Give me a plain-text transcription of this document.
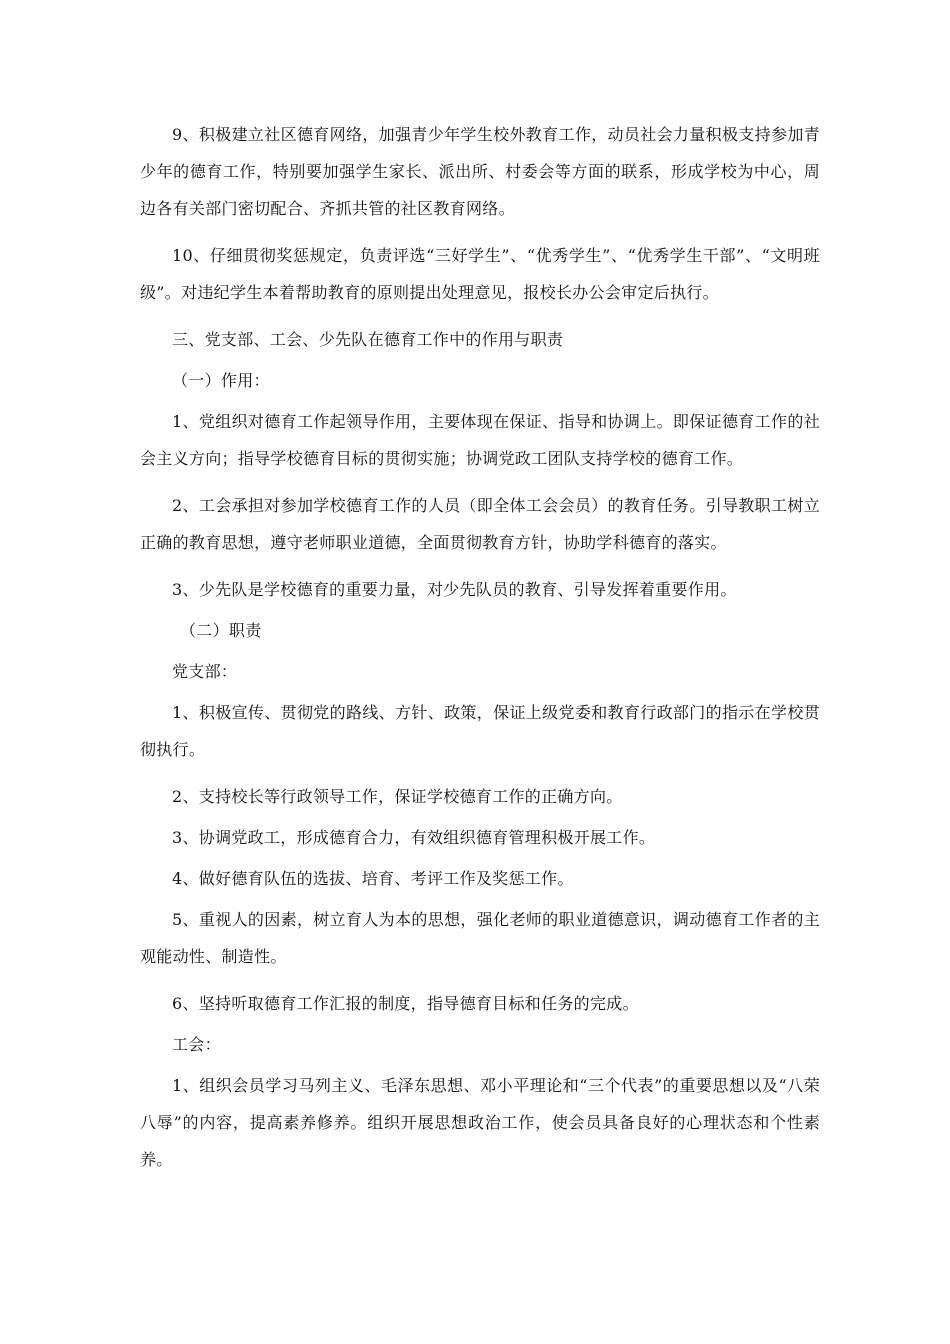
9、积极建立社区德育网络，加强青少年学生校外教育工作，动员社会力量积极支持参加青少年的德育工作，特别要加强学生家长、派出所、村委会等方面的联系，形成学校为中心，周边各有关部门密切配合、齐抓共管的社区教育网络。

10、仔细贯彻奖惩规定，负责评选“三好学生”、“优秀学生”、“优秀学生干部”、“文明班级”。对违纪学生本着帮助教育的原则提出处理意见，报校长办公会审定后执行。

三、党支部、工会、少先队在德育工作中的作用与职责

（一）作用：

1、党组织对德育工作起领导作用，主要体现在保证、指导和协调上。即保证德育工作的社会主义方向；指导学校德育目标的贯彻实施；协调党政工团队支持学校的德育工作。

2、工会承担对参加学校德育工作的人员（即全体工会会员）的教育任务。引导教职工树立正确的教育思想，遵守老师职业道德，全面贯彻教育方针，协助学科德育的落实。

3、少先队是学校德育的重要力量，对少先队员的教育、引导发挥着重要作用。

（二）职责

党支部：

1、积极宣传、贯彻党的路线、方针、政策，保证上级党委和教育行政部门的指示在学校贯彻执行。

2、支持校长等行政领导工作，保证学校德育工作的正确方向。

3、协调党政工，形成德育合力，有效组织德育管理积极开展工作。

4、做好德育队伍的选拔、培育、考评工作及奖惩工作。

5、重视人的因素，树立育人为本的思想，强化老师的职业道德意识，调动德育工作者的主观能动性、制造性。

6、坚持听取德育工作汇报的制度，指导德育目标和任务的完成。

工会：

1、组织会员学习马列主义、毛泽东思想、邓小平理论和“三个代表”的重要思想以及“八荣八辱”的内容，提高素养修养。组织开展思想政治工作，使会员具备良好的心理状态和个性素养。
